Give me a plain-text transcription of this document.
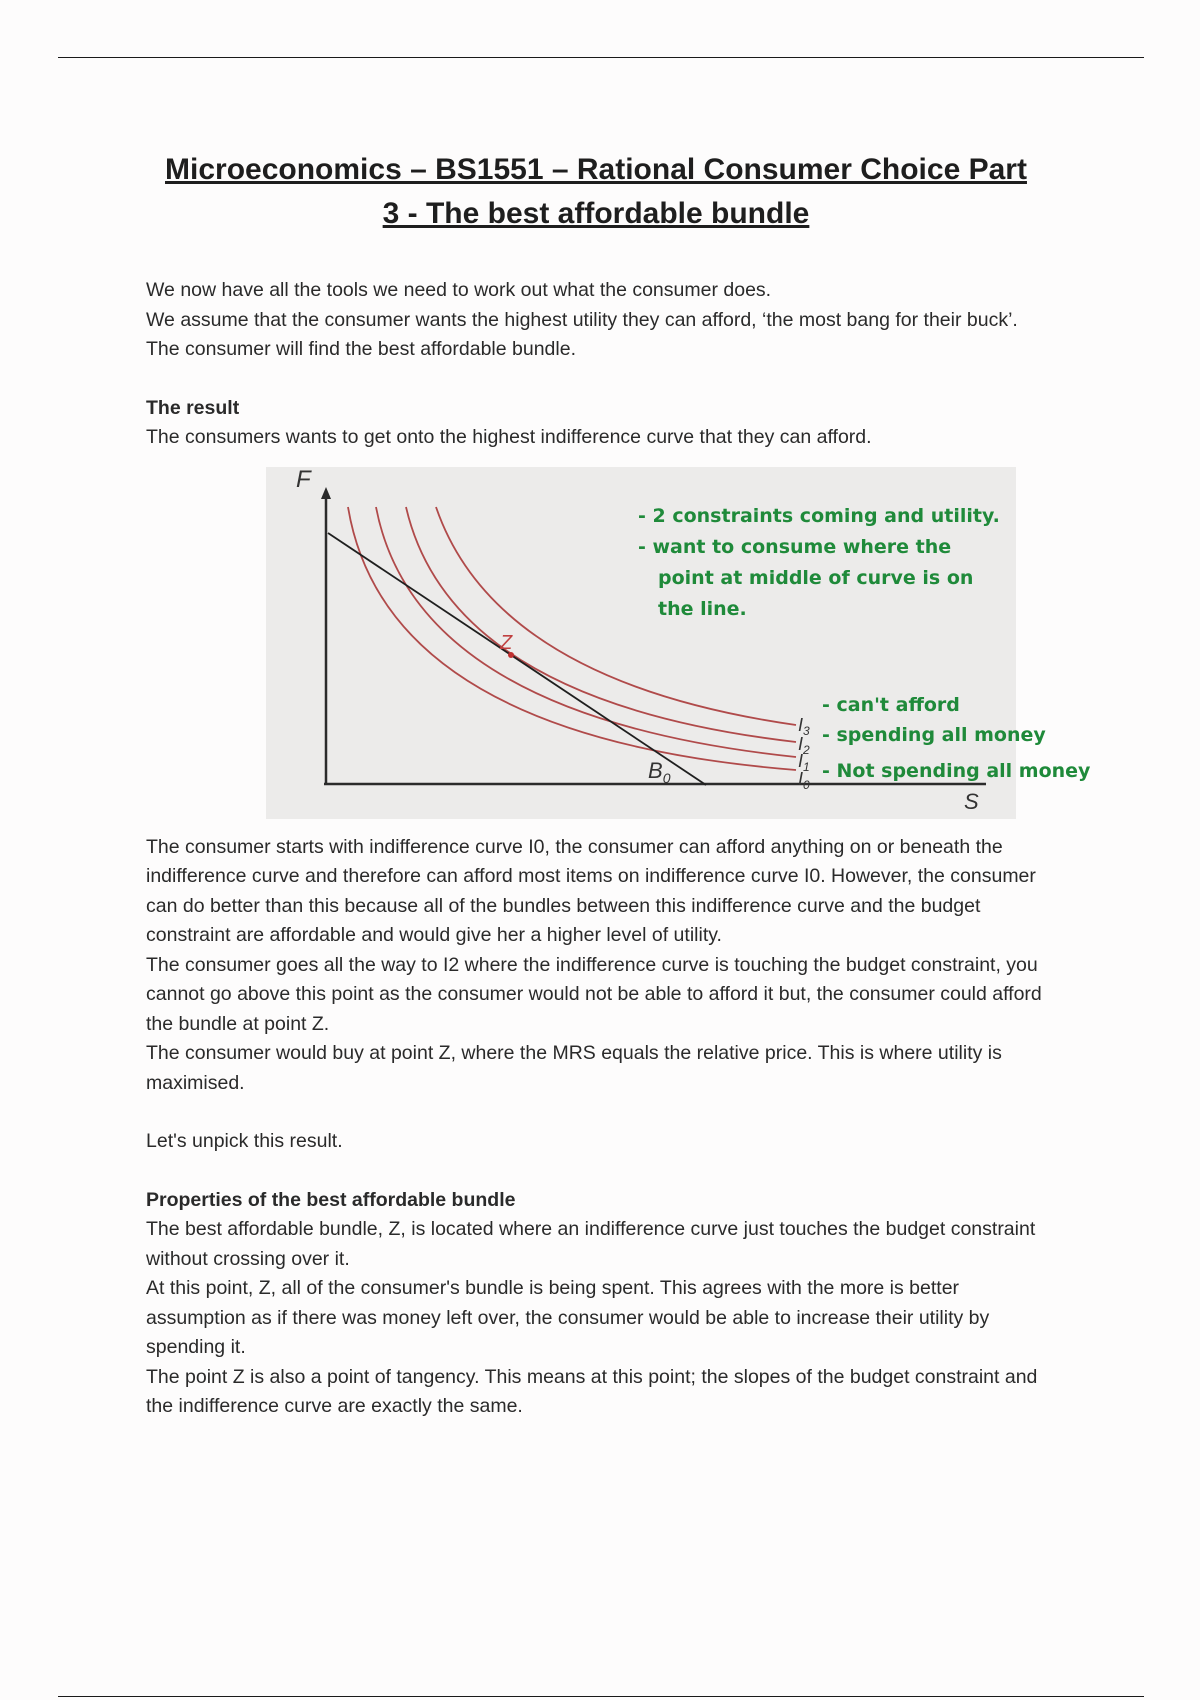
Microeconomics – BS1551 – Rational Consumer Choice Part
3 - The best affordable bundle

We now have all the tools we need to work out what the consumer does.

We assume that the consumer wants the highest utility they can afford, ‘the most bang for their buck’.

The consumer will find the best affordable bundle.

The result

The consumers wants to get onto the highest indifference curve that they can afford.

F
S
Z
$B_0$
$I_3$
$I_2$
$I_1$
$I_0$
- 2 constraints coming and utility.
- want to consume where the
point at middle of curve is on
the line.
- can't afford
- spending all money
- Not spending all money

The consumer starts with indifference curve I0, the consumer can afford anything on or beneath the indifference curve and therefore can afford most items on indifference curve I0. However, the consumer can do better than this because all of the bundles between this indifference curve and the budget constraint are affordable and would give her a higher level of utility.

The consumer goes all the way to I2 where the indifference curve is touching the budget constraint, you cannot go above this point as the consumer would not be able to afford it but, the consumer could afford the bundle at point Z.

The consumer would buy at point Z, where the MRS equals the relative price. This is where utility is maximised.

Let's unpick this result.

Properties of the best affordable bundle

The best affordable bundle, Z, is located where an indifference curve just touches the budget constraint without crossing over it.

At this point, Z, all of the consumer's bundle is being spent. This agrees with the more is better assumption as if there was money left over, the consumer would be able to increase their utility by spending it.

The point Z is also a point of tangency. This means at this point; the slopes of the budget constraint and the indifference curve are exactly the same.
